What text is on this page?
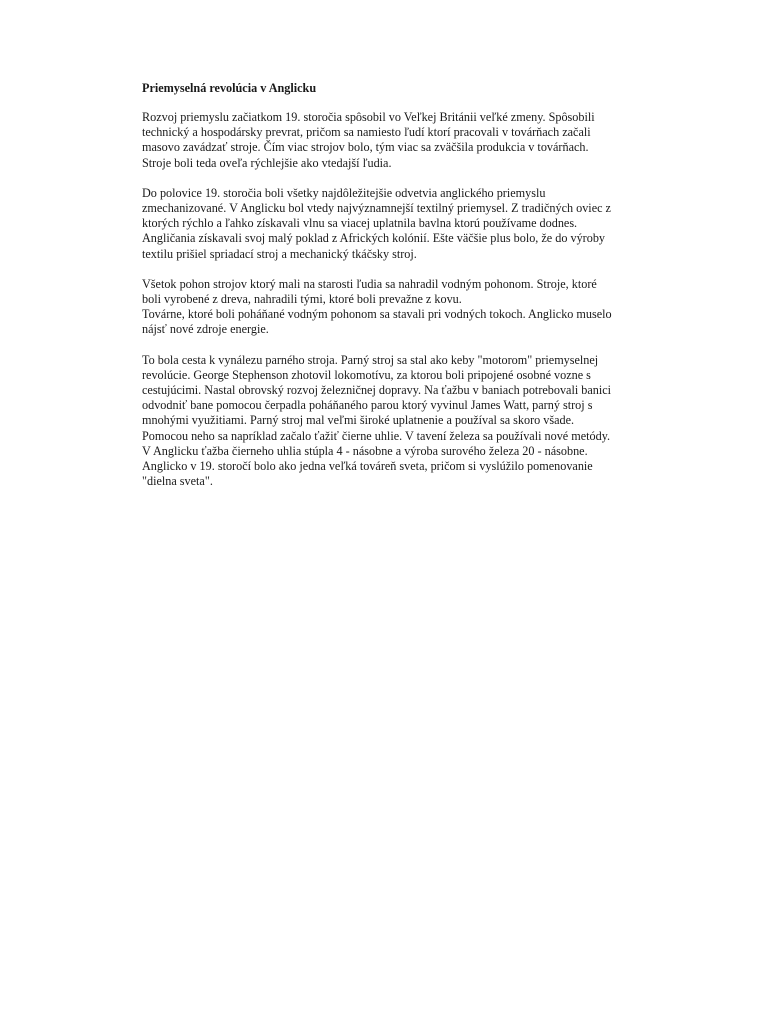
Priemyselná revolúcia v Anglicku
Rozvoj priemyslu začiatkom 19. storočia spôsobil vo Veľkej Británii veľké zmeny. Spôsobili
technický a hospodársky prevrat, pričom sa namiesto ľudí ktorí pracovali v továrňach začali
masovo zavádzať stroje. Čím viac strojov bolo, tým viac sa zväčšila produkcia v továrňach.
Stroje boli teda oveľa rýchlejšie ako vtedajší ľudia.
Do polovice 19. storočia boli všetky najdôležitejšie odvetvia anglického priemyslu
zmechanizované. V Anglicku bol vtedy najvýznamnejší textilný priemysel. Z tradičných oviec z
ktorých rýchlo a ľahko získavali vlnu sa viacej uplatnila bavlna ktorú používame dodnes.
Angličania získavali svoj malý poklad z Afrických kolónií. Ešte väčšie plus bolo, že do výroby
textilu prišiel spriadací stroj a mechanický tkáčsky stroj.
Všetok pohon strojov ktorý mali na starosti ľudia sa nahradil vodným pohonom. Stroje, ktoré
boli vyrobené z dreva, nahradili tými, ktoré boli prevažne z kovu.
Továrne, ktoré boli poháňané vodným pohonom sa stavali pri vodných tokoch. Anglicko muselo
nájsť nové zdroje energie.
To bola cesta k vynálezu parného stroja. Parný stroj sa stal ako keby "motorom" priemyselnej
revolúcie. George Stephenson zhotovil lokomotívu, za ktorou boli pripojené osobné vozne s
cestujúcimi. Nastal obrovský rozvoj železničnej dopravy. Na ťažbu v baniach potrebovali banici
odvodniť bane pomocou čerpadla poháňaného parou ktorý vyvinul James Watt, parný stroj s
mnohými využitiami. Parný stroj mal veľmi široké uplatnenie a používal sa skoro všade.
Pomocou neho sa napríklad začalo ťažiť čierne uhlie. V tavení železa sa používali nové metódy.
V Anglicku ťažba čierneho uhlia stúpla 4 - násobne a výroba surového železa 20 - násobne.
Anglicko v 19. storočí bolo ako jedna veľká továreň sveta, pričom si vyslúžilo pomenovanie
"dielna sveta".
